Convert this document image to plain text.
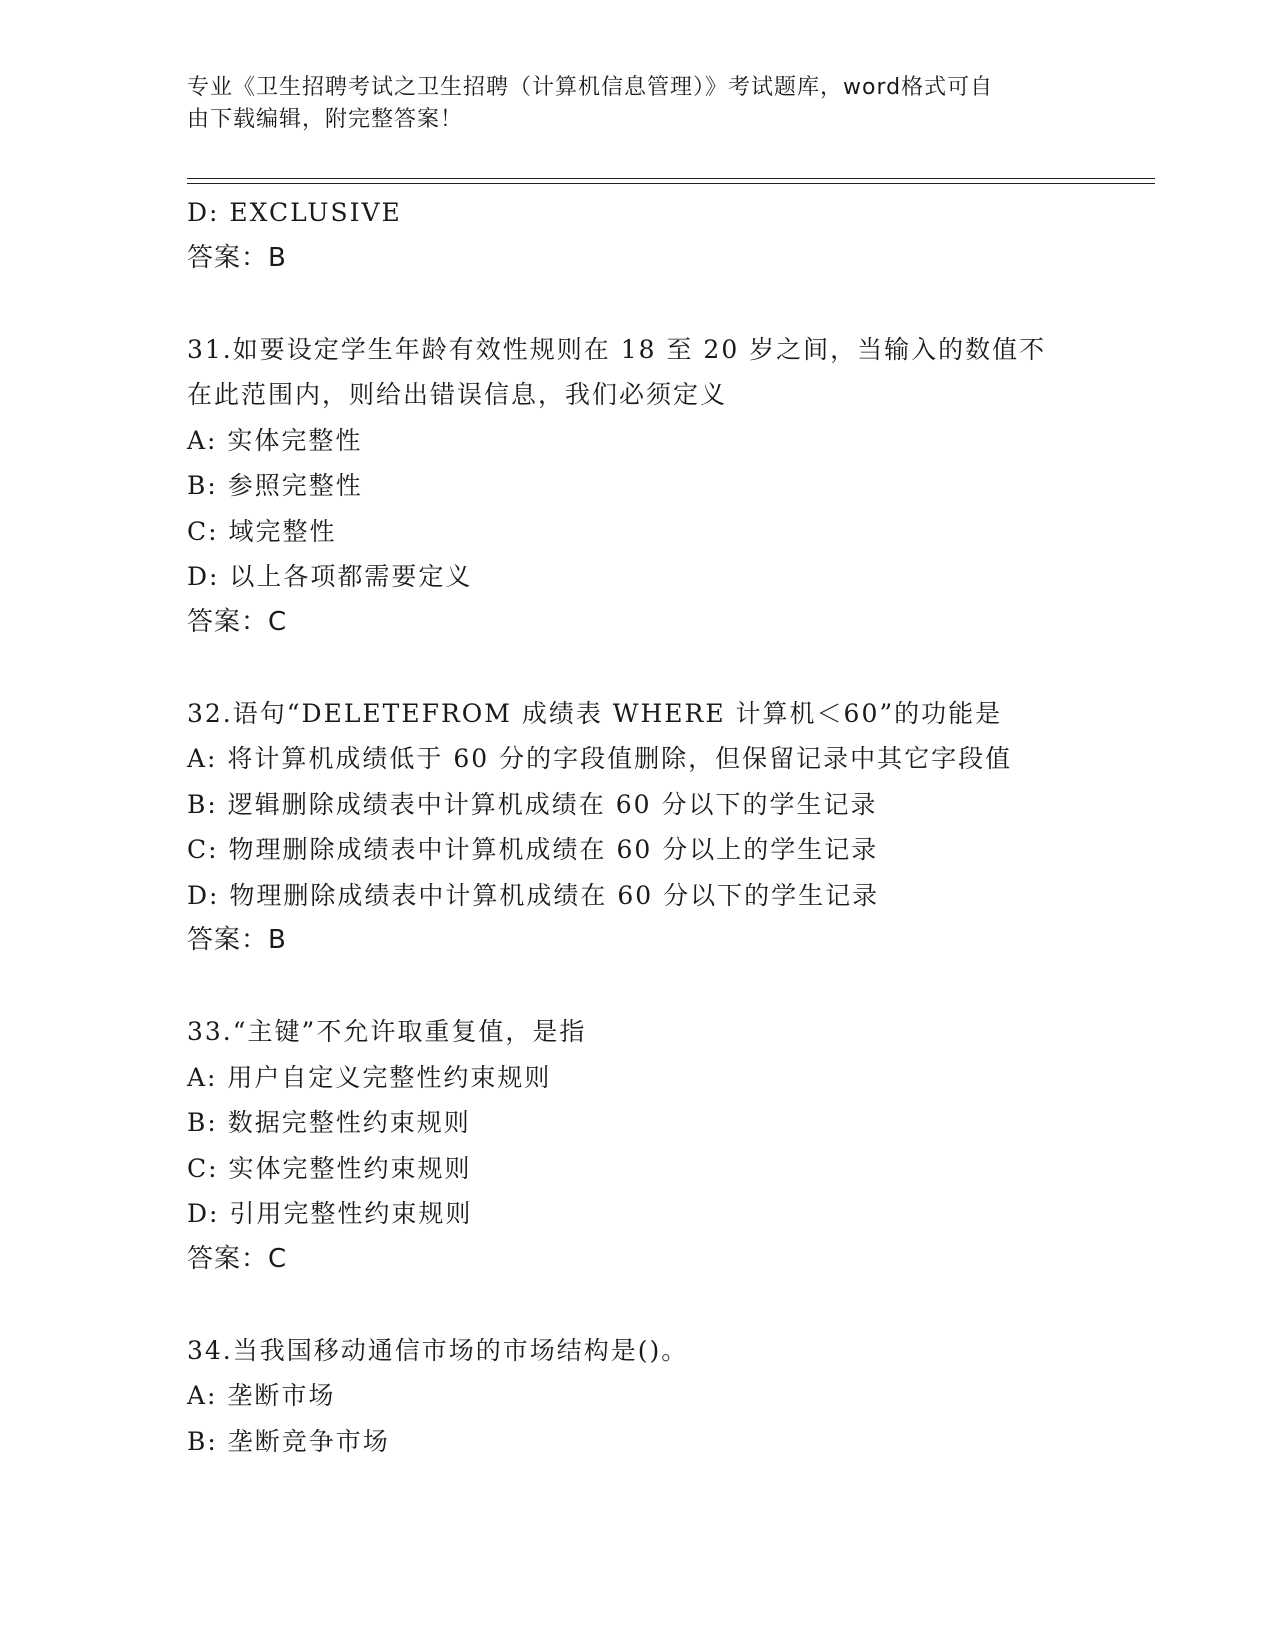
专业《卫生招聘考试之卫生招聘（计算机信息管理）》考试题库，word格式可自
由下载编辑，附完整答案！
D: EXCLUSIVE
答案：B
31.如要设定学生年龄有效性规则在 18 至 20 岁之间，当输入的数值不
在此范围内，则给出错误信息，我们必须定义
A: 实体完整性
B: 参照完整性
C: 域完整性
D: 以上各项都需要定义
答案：C
32.语句“DELETEFROM 成绩表 WHERE 计算机＜60”的功能是
A: 将计算机成绩低于 60 分的字段值删除，但保留记录中其它字段值
B: 逻辑删除成绩表中计算机成绩在 60 分以下的学生记录
C: 物理删除成绩表中计算机成绩在 60 分以上的学生记录
D: 物理删除成绩表中计算机成绩在 60 分以下的学生记录
答案：B
33.“主键”不允许取重复值，是指
A: 用户自定义完整性约束规则
B: 数据完整性约束规则
C: 实体完整性约束规则
D: 引用完整性约束规则
答案：C
34.当我国移动通信市场的市场结构是()。
A: 垄断市场
B: 垄断竞争市场
